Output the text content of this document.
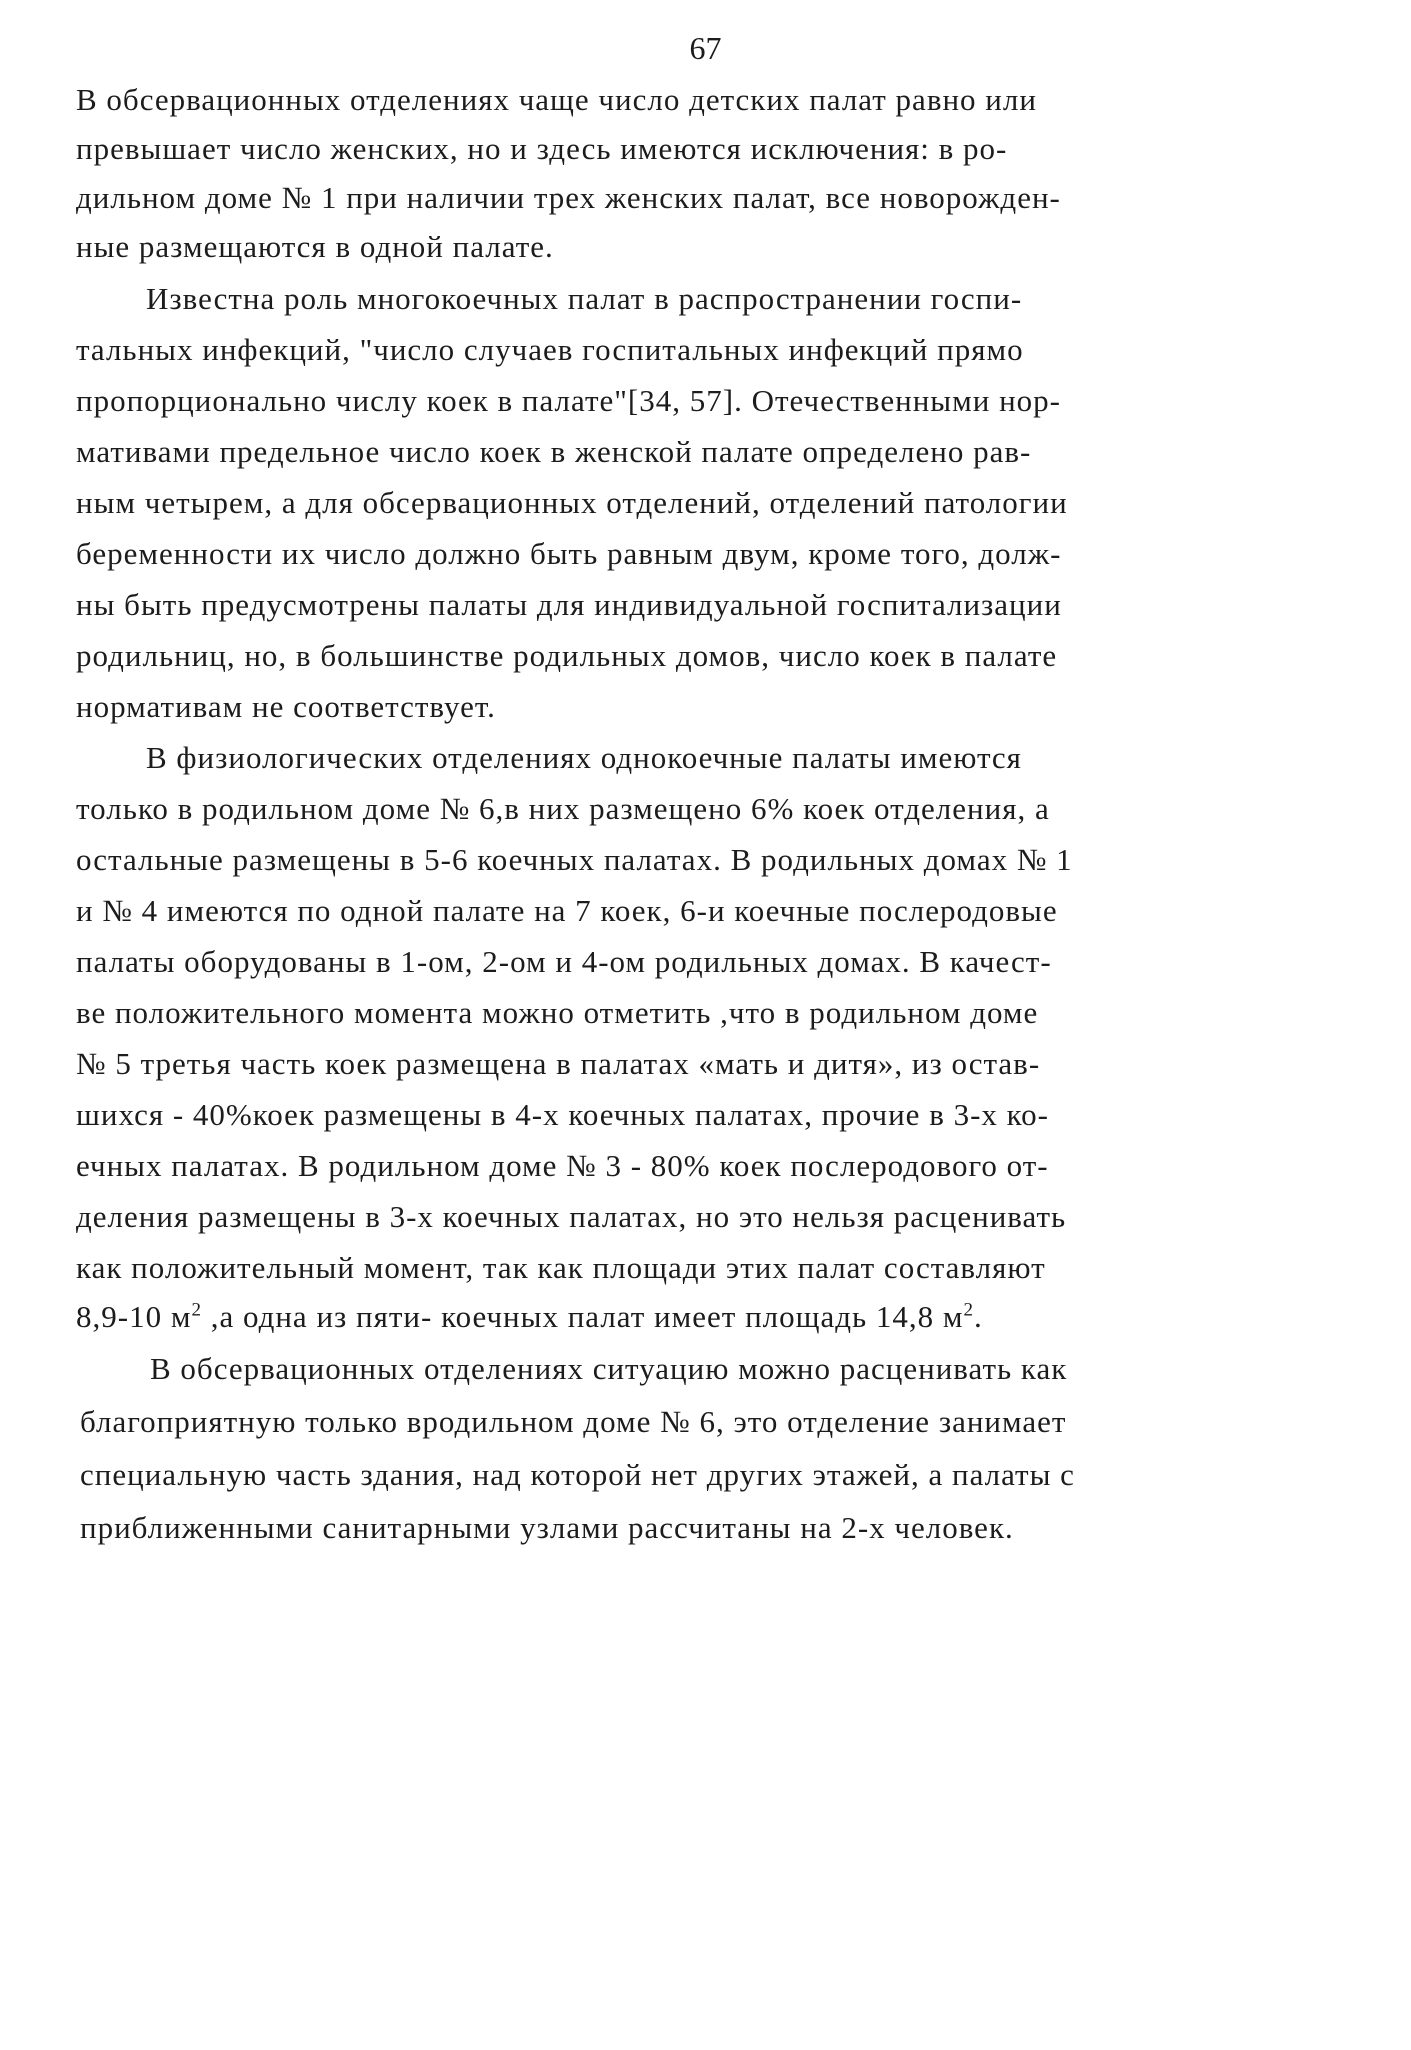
67
В обсервационных отделениях чаще число детских палат равно или
превышает число женских, но и здесь имеются исключения: в ро-
дильном доме № 1 при наличии трех женских палат, все новорожден-
ные размещаются в одной палате.
Известна роль многокоечных палат в распространении госпи-
тальных инфекций, "число случаев госпитальных инфекций прямо
пропорционально числу коек в палате"[34, 57]. Отечественными нор-
мативами предельное число коек в женской палате определено рав-
ным четырем, а для обсервационных отделений, отделений патологии
беременности их число должно быть равным двум, кроме того, долж-
ны быть предусмотрены палаты для индивидуальной госпитализации
родильниц, но, в большинстве родильных домов, число коек в палате
нормативам не соответствует.
В физиологических отделениях однокоечные палаты имеются
только в родильном доме № 6,в них размещено 6% коек отделения, а
остальные размещены в 5-6 коечных палатах. В родильных домах № 1
и № 4 имеются по одной палате на 7 коек, 6-и коечные послеродовые
палаты оборудованы в 1-ом, 2-ом и 4-ом родильных домах. В качест-
ве положительного момента можно отметить ,что в родильном доме
№ 5 третья часть коек размещена в палатах «мать и дитя», из остав-
шихся - 40%коек размещены в 4-х коечных палатах, прочие в 3-х ко-
ечных палатах. В родильном доме № 3 - 80% коек послеродового от-
деления размещены в 3-х коечных палатах, но это нельзя расценивать
как положительный момент, так как площади этих палат составляют
8,9-10 $м^2$ ,а одна из пяти- коечных палат имеет площадь 14,8 $м^2$.
В обсервационных отделениях ситуацию можно расценивать как
благоприятную только вродильном доме № 6, это отделение занимает
специальную часть здания, над которой нет других этажей, а палаты с
приближенными санитарными узлами рассчитаны на 2-х человек.
